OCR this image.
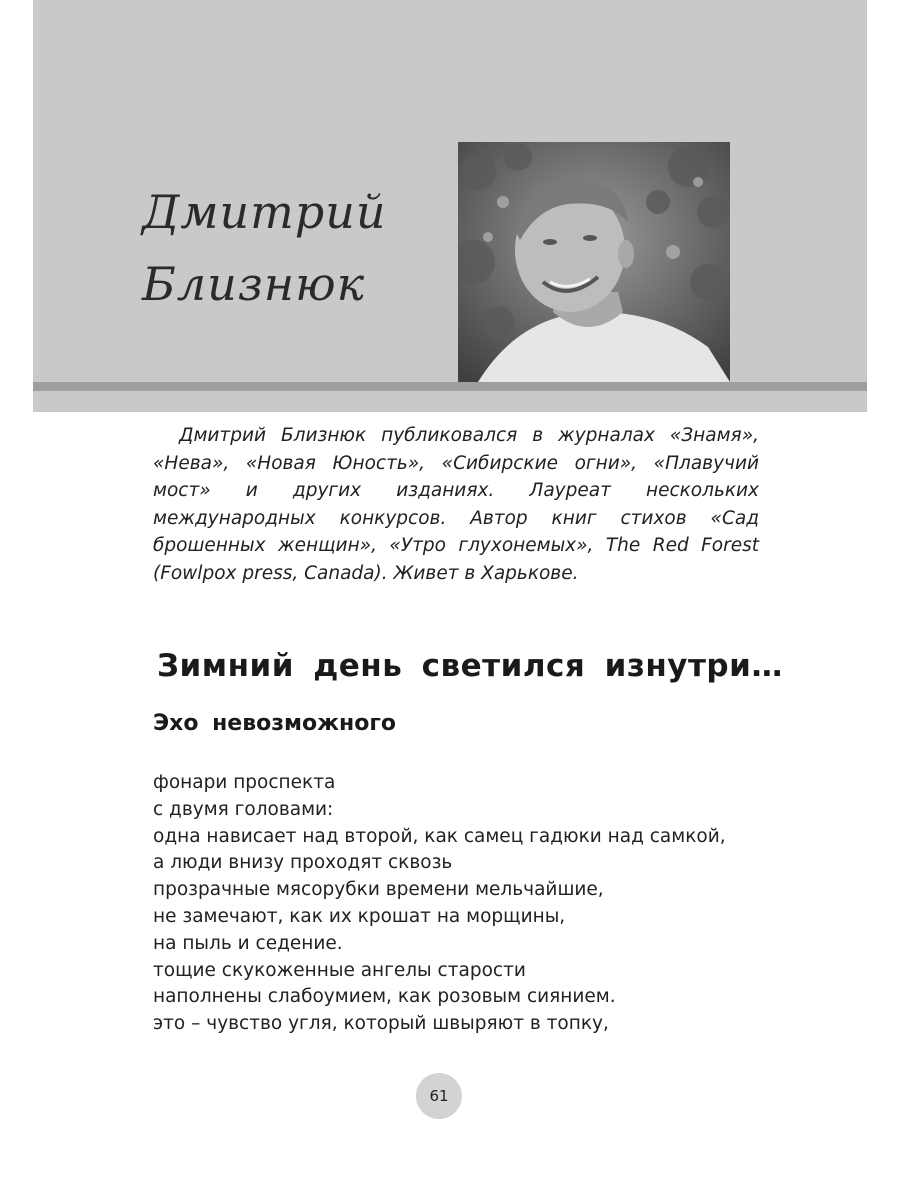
Дмитрий
Близнюк
Дмитрий Близнюк публиковался в журналах «Знамя», «Нева», «Новая Юность», «Сибирские огни», «Плавучий мост» и других изданиях. Лауреат нескольких международных конкурсов. Автор книг стихов «Сад брошенных женщин», «Утро глухонемых», The Red Forest (Fowlpox press, Canada). Живет в Харькове.
Зимний день светился изнутри…
Эхо невозможного
фонари проспекта
с двумя головами:
одна нависает над второй, как самец гадюки над самкой,
а люди внизу проходят сквозь
прозрачные мясорубки времени мельчайшие,
не замечают, как их крошат на морщины,
на пыль и седение.
тощие скукоженные ангелы старости
наполнены слабоумием, как розовым сиянием.
это – чувство угля, который швыряют в топку,
61
